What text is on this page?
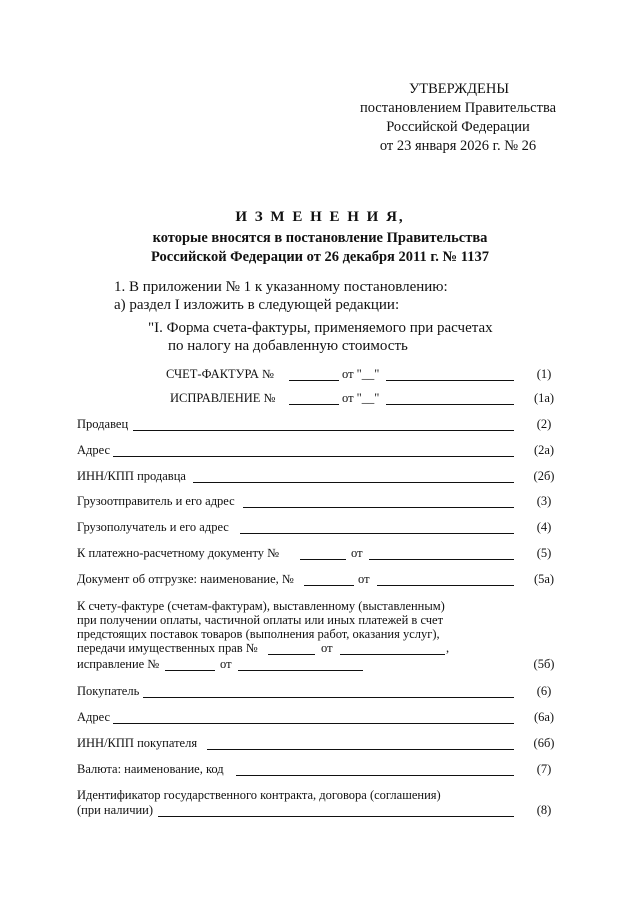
УТВЕРЖДЕНЫ
постановлением Правительства
Российской Федерации
от 23 января 2026 г. № 26
И З М Е Н Е Н И Я,
которые вносятся в постановление Правительства
Российской Федерации от 26 декабря 2011 г. № 1137
1. В приложении № 1 к указанному постановлению:
а) раздел I изложить в следующей редакции:
"I. Форма счета-фактуры, применяемого при расчетах
по налогу на добавленную стоимость
СЧЕТ-ФАКТУРА №	от "__"	(1)
ИСПРАВЛЕНИЕ №	от "__"	(1а)
Продавец	(2)
Адрес	(2а)
ИНН/КПП продавца	(2б)
Грузоотправитель и его адрес	(3)
Грузополучатель и его адрес	(4)
К платежно-расчетному документу №	от	(5)
Документ об отгрузке: наименование, №	от	(5а)
К счету-фактуре (счетам-фактурам), выставленному (выставленным)
при получении оплаты, частичной оплаты или иных платежей в счет
предстоящих поставок товаров (выполнения работ, оказания услуг),
передачи имущественных прав №	от	,
исправление №	от	(5б)
Покупатель	(6)
Адрес	(6а)
ИНН/КПП покупателя	(6б)
Валюта: наименование, код	(7)
Идентификатор государственного контракта, договора (соглашения)
(при наличии)	(8)
